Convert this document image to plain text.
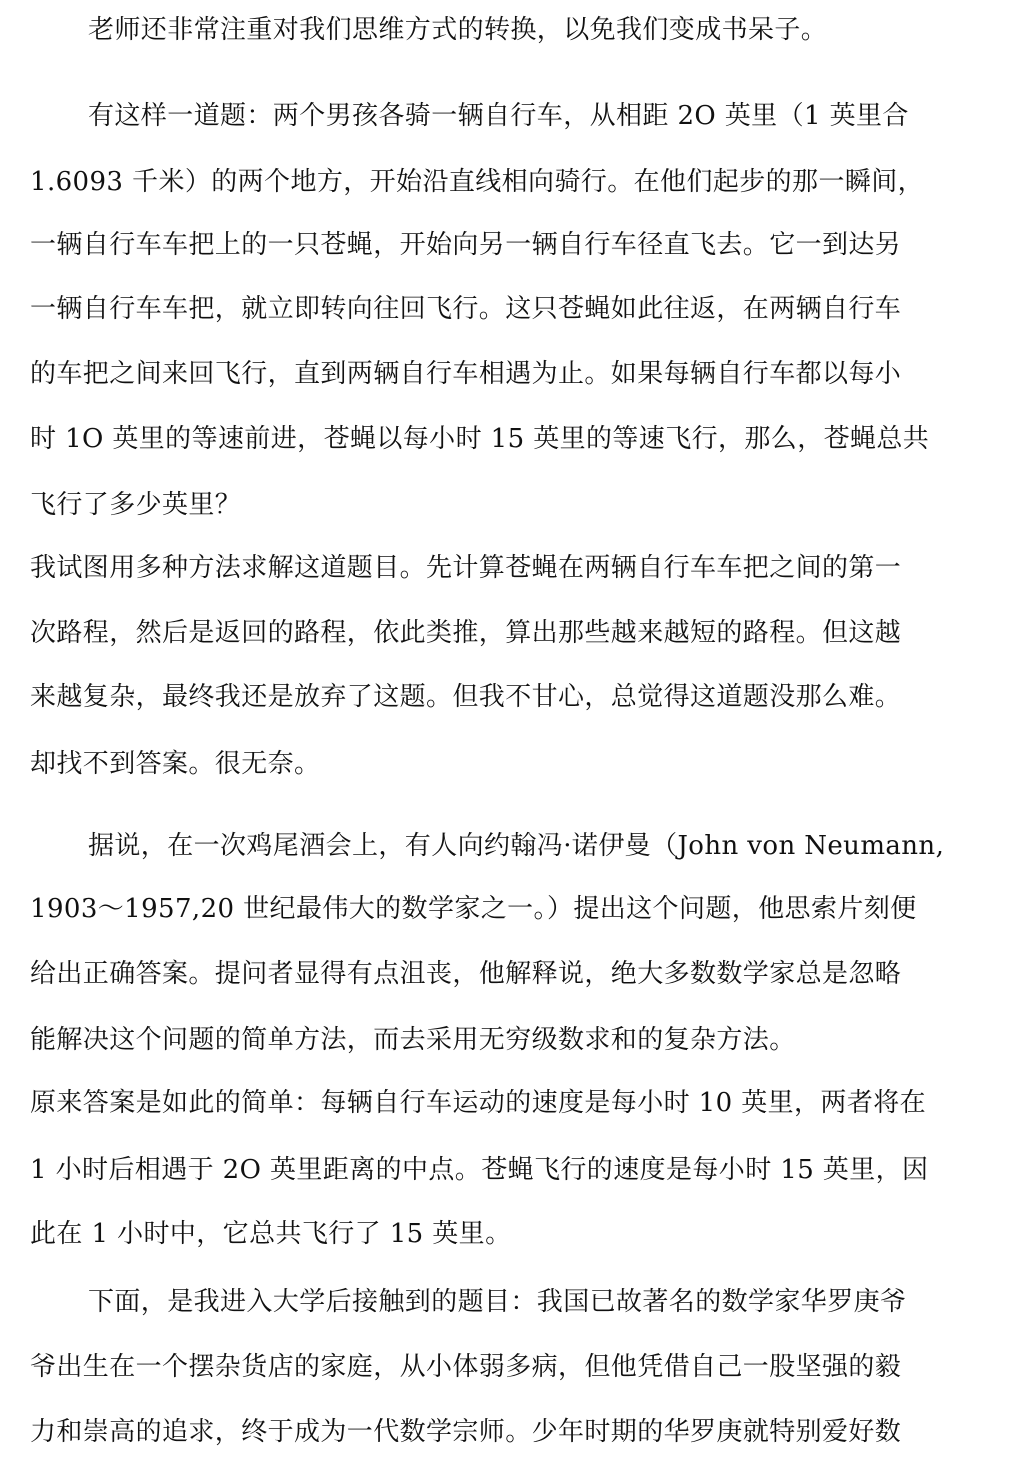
老师还非常注重对我们思维方式的转换，以免我们变成书呆子。
有这样一道题：两个男孩各骑一辆自行车，从相距 2O 英里（1 英里合
1.6093 千米）的两个地方，开始沿直线相向骑行。在他们起步的那一瞬间，
一辆自行车车把上的一只苍蝇，开始向另一辆自行车径直飞去。它一到达另
一辆自行车车把，就立即转向往回飞行。这只苍蝇如此往返，在两辆自行车
的车把之间来回飞行，直到两辆自行车相遇为止。如果每辆自行车都以每小
时 1O 英里的等速前进，苍蝇以每小时 15 英里的等速飞行，那么，苍蝇总共
飞行了多少英里？
我试图用多种方法求解这道题目。先计算苍蝇在两辆自行车车把之间的第一
次路程，然后是返回的路程，依此类推，算出那些越来越短的路程。但这越
来越复杂，最终我还是放弃了这题。但我不甘心，总觉得这道题没那么难。
却找不到答案。很无奈。
据说，在一次鸡尾酒会上，有人向约翰冯·诺伊曼（John von Neumann,
1903～1957,20 世纪最伟大的数学家之一。）提出这个问题，他思索片刻便
给出正确答案。提问者显得有点沮丧，他解释说，绝大多数数学家总是忽略
能解决这个问题的简单方法，而去采用无穷级数求和的复杂方法。
原来答案是如此的简单：每辆自行车运动的速度是每小时 10 英里，两者将在
1 小时后相遇于 2O 英里距离的中点。苍蝇飞行的速度是每小时 15 英里，因
此在 1 小时中，它总共飞行了 15 英里。
下面，是我进入大学后接触到的题目：我国已故著名的数学家华罗庚爷
爷出生在一个摆杂货店的家庭，从小体弱多病，但他凭借自己一股坚强的毅
力和崇高的追求，终于成为一代数学宗师。少年时期的华罗庚就特别爱好数
